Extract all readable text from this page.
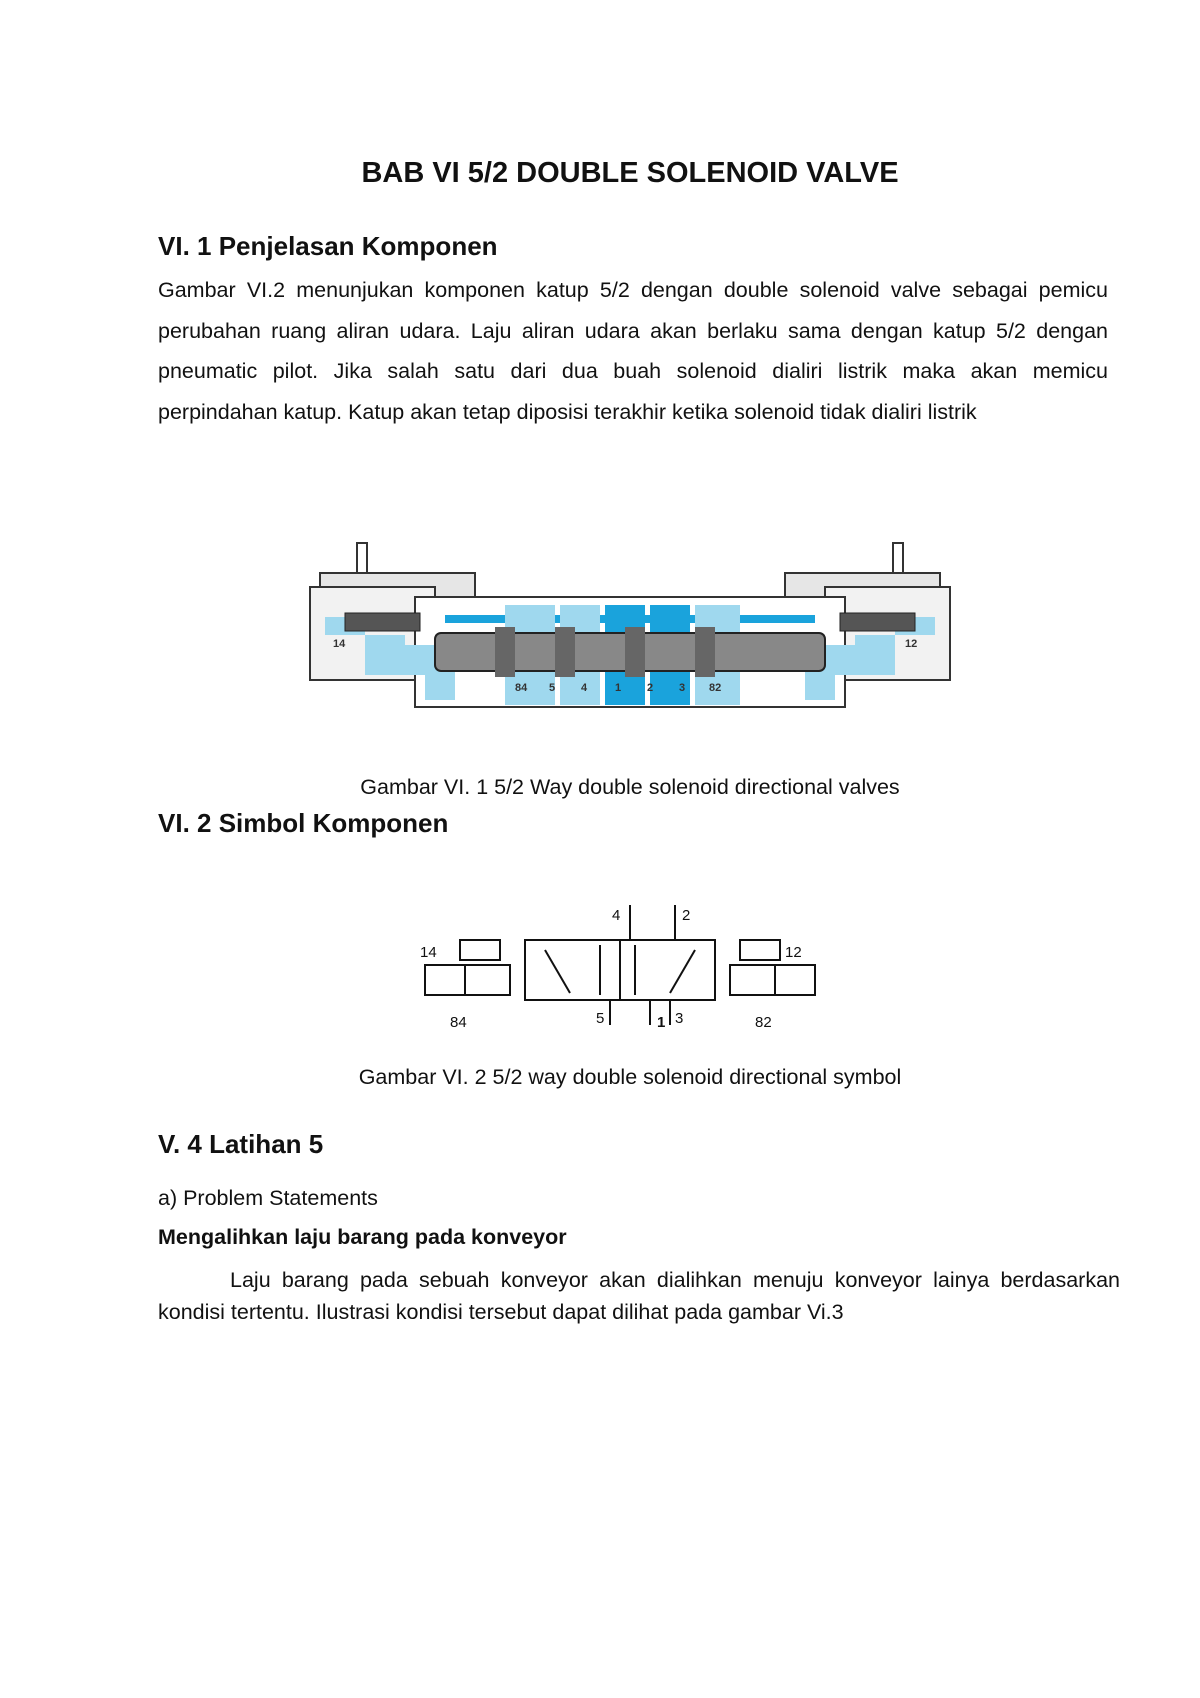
BAB VI 5/2 DOUBLE SOLENOID VALVE
VI. 1 Penjelasan Komponen

Gambar VI.2 menunjukan komponen katup 5/2 dengan double solenoid valve sebagai pemicu perubahan ruang aliran udara. Laju aliran udara akan berlaku sama dengan katup 5/2 dengan pneumatic pilot. Jika salah satu dari dua buah solenoid dialiri listrik maka akan memicu perpindahan katup. Katup akan tetap diposisi terakhir ketika solenoid tidak dialiri listrik

14	12
84 5 4	1 2 3 82
Gambar VI. 1 5/2 Way double solenoid directional valves
VI. 2 Simbol Komponen
14	12
4	2
5	1 3
84	82
Gambar VI. 2 5/2 way double solenoid directional symbol
V. 4 Latihan 5
a) Problem Statements
Mengalihkan laju barang pada konveyor

Laju barang pada sebuah konveyor akan dialihkan menuju konveyor lainya berdasarkan kondisi tertentu. Ilustrasi kondisi tersebut dapat dilihat pada gambar Vi.3
